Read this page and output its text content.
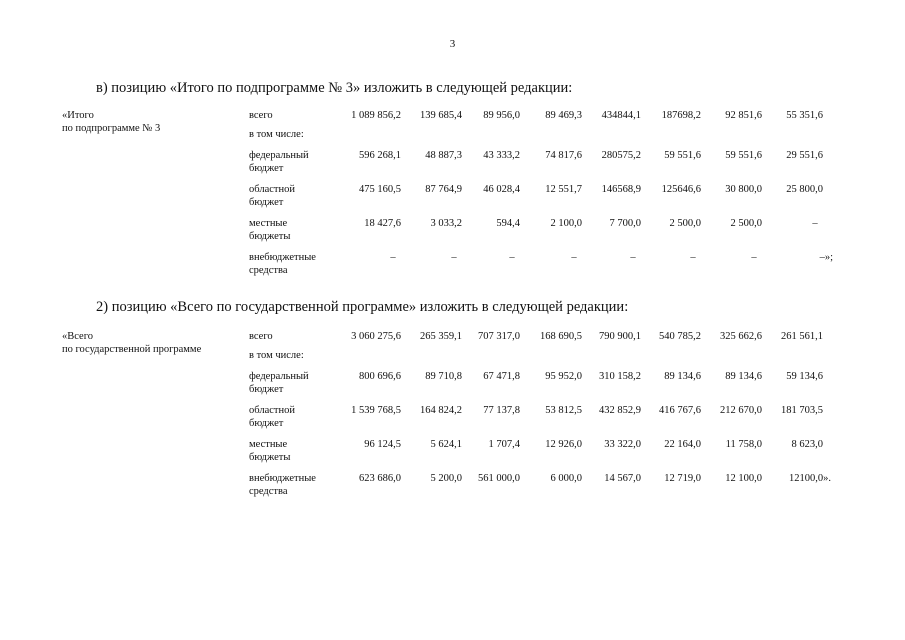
3
в) позицию «Итого по подпрограмме № 3» изложить в следующей редакции:
«Итого
по подпрограмме № 3
всего	1 089 856,2	139 685,4	89 956,0	89 469,3	434844,1	187698,2	92 851,6	55 351,6
в том числе:
федеральный
бюджет
596 268,1	48 887,3	43 333,2	74 817,6	280575,2	59 551,6	59 551,6	29 551,6
областной
бюджет
475 160,5	87 764,9	46 028,4	12 551,7	146568,9	125646,6	30 800,0	25 800,0
местные
бюджеты
18 427,6	3 033,2	594,4	2 100,0	7 700,0	2 500,0	2 500,0	–
внебюджетные
средства
–	–	–	–	–	–	–	–»;
2) позицию «Всего по государственной программе» изложить в следующей редакции:
«Всего
по государственной программе
всего	3 060 275,6	265 359,1	707 317,0	168 690,5	790 900,1	540 785,2	325 662,6	261 561,1
в том числе:
федеральный
бюджет
800 696,6	89 710,8	67 471,8	95 952,0	310 158,2	89 134,6	89 134,6	59 134,6
областной
бюджет
1 539 768,5	164 824,2	77 137,8	53 812,5	432 852,9	416 767,6	212 670,0	181 703,5
местные
бюджеты
96 124,5	5 624,1	1 707,4	12 926,0	33 322,0	22 164,0	11 758,0	8 623,0
внебюджетные
средства
623 686,0	5 200,0	561 000,0	6 000,0	14 567,0	12 719,0	12 100,0	12100,0».
